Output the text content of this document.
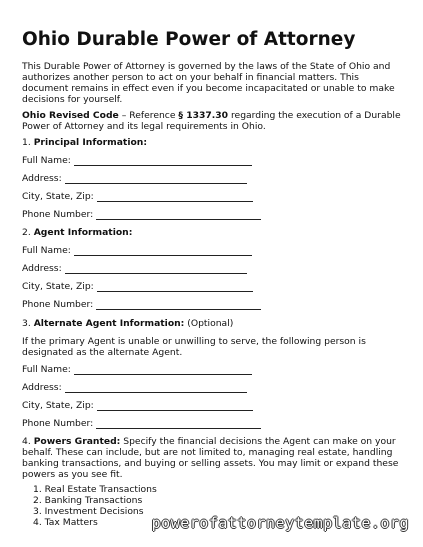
Ohio Durable Power of Attorney

This Durable Power of Attorney is governed by the laws of the State of Ohio and authorizes another person to act on your behalf in financial matters. This document remains in effect even if you become incapacitated or unable to make decisions for yourself.

Ohio Revised Code – Reference § 1337.30 regarding the execution of a Durable Power of Attorney and its legal requirements in Ohio.

1. Principal Information:

Full Name:
Address:
City, State, Zip:
Phone Number:

2. Agent Information:

Full Name:
Address:
City, State, Zip:
Phone Number:

3. Alternate Agent Information: (Optional)

If the primary Agent is unable or unwilling to serve, the following person is designated as the alternate Agent.

Full Name:
Address:
City, State, Zip:
Phone Number:

4. Powers Granted: Specify the financial decisions the Agent can make on your behalf. These can include, but are not limited to, managing real estate, handling banking transactions, and buying or selling assets. You may limit or expand these powers as you see fit.

1. Real Estate Transactions
2. Banking Transactions
3. Investment Decisions
4. Tax Matters	powerofattorneytemplate.org
